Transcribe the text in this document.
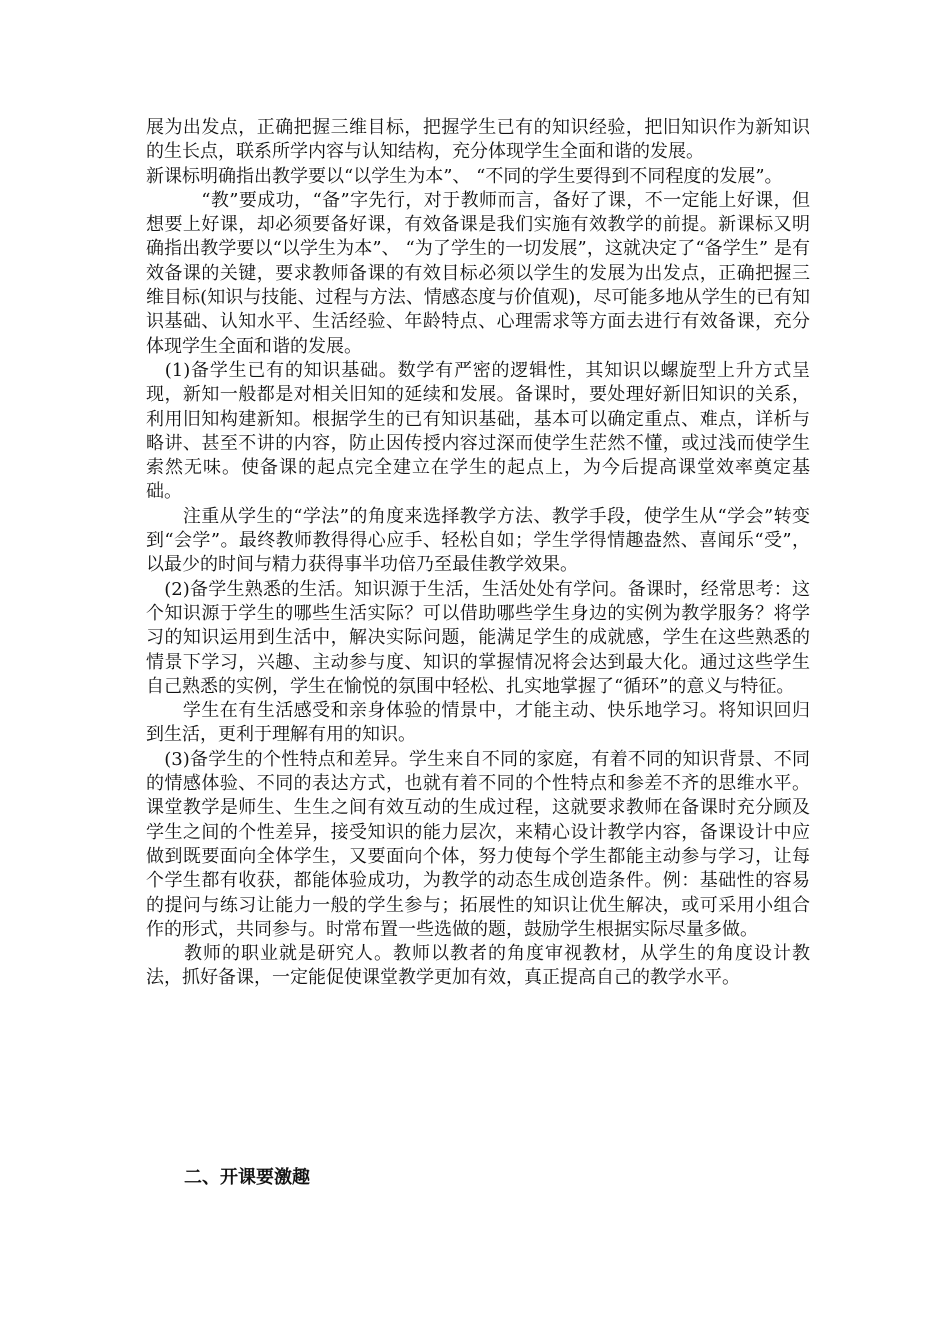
展为出发点，正确把握三维目标，把握学生已有的知识经验，把旧知识作为新知识的生长点，联系所学内容与认知结构，充分体现学生全面和谐的发展。

新课标明确指出教学要以“以学生为本”、 “不同的学生要得到不同程度的发展”。

　　　“教”要成功，“备”字先行，对于教师而言，备好了课，不一定能上好课，但想要上好课，却必须要备好课，有效备课是我们实施有效教学的前提。新课标又明确指出教学要以“以学生为本”、 “为了学生的一切发展”，这就决定了“备学生” 是有效备课的关键，要求教师备课的有效目标必须以学生的发展为出发点，正确把握三维目标(知识与技能、过程与方法、情感态度与价值观)，尽可能多地从学生的已有知识基础、认知水平、生活经验、年龄特点、心理需求等方面去进行有效备课，充分体现学生全面和谐的发展。

　(1)备学生已有的知识基础。数学有严密的逻辑性，其知识以螺旋型上升方式呈现，新知一般都是对相关旧知的延续和发展。备课时，要处理好新旧知识的关系，利用旧知构建新知。根据学生的已有知识基础，基本可以确定重点、难点，详析与略讲、甚至不讲的内容，防止因传授内容过深而使学生茫然不懂，或过浅而使学生索然无味。使备课的起点完全建立在学生的起点上，为今后提高课堂效率奠定基础。

　　注重从学生的“学法”的角度来选择教学方法、教学手段，使学生从“学会”转变到“会学”。最终教师教得得心应手、轻松自如；学生学得情趣盎然、喜闻乐“受”，以最少的时间与精力获得事半功倍乃至最佳教学效果。

　(2)备学生熟悉的生活。知识源于生活，生活处处有学问。备课时，经常思考：这个知识源于学生的哪些生活实际？可以借助哪些学生身边的实例为教学服务？将学习的知识运用到生活中，解决实际问题，能满足学生的成就感，学生在这些熟悉的情景下学习，兴趣、主动参与度、知识的掌握情况将会达到最大化。通过这些学生自己熟悉的实例，学生在愉悦的氛围中轻松、扎实地掌握了“循环”的意义与特征。

　　学生在有生活感受和亲身体验的情景中，才能主动、快乐地学习。将知识回归到生活，更利于理解有用的知识。

　(3)备学生的个性特点和差异。学生来自不同的家庭，有着不同的知识背景、不同的情感体验、不同的表达方式，也就有着不同的个性特点和参差不齐的思维水平。课堂教学是师生、生生之间有效互动的生成过程，这就要求教师在备课时充分顾及学生之间的个性差异，接受知识的能力层次，来精心设计教学内容，备课设计中应做到既要面向全体学生，又要面向个体，努力使每个学生都能主动参与学习，让每个学生都有收获，都能体验成功，为教学的动态生成创造条件。例：基础性的容易的提问与练习让能力一般的学生参与；拓展性的知识让优生解决，或可采用小组合作的形式，共同参与。时常布置一些选做的题，鼓励学生根据实际尽量多做。

　　教师的职业就是研究人。教师以教者的角度审视教材，从学生的角度设计教法，抓好备课，一定能促使课堂教学更加有效，真正提高自己的教学水平。

二、开课要激趣
